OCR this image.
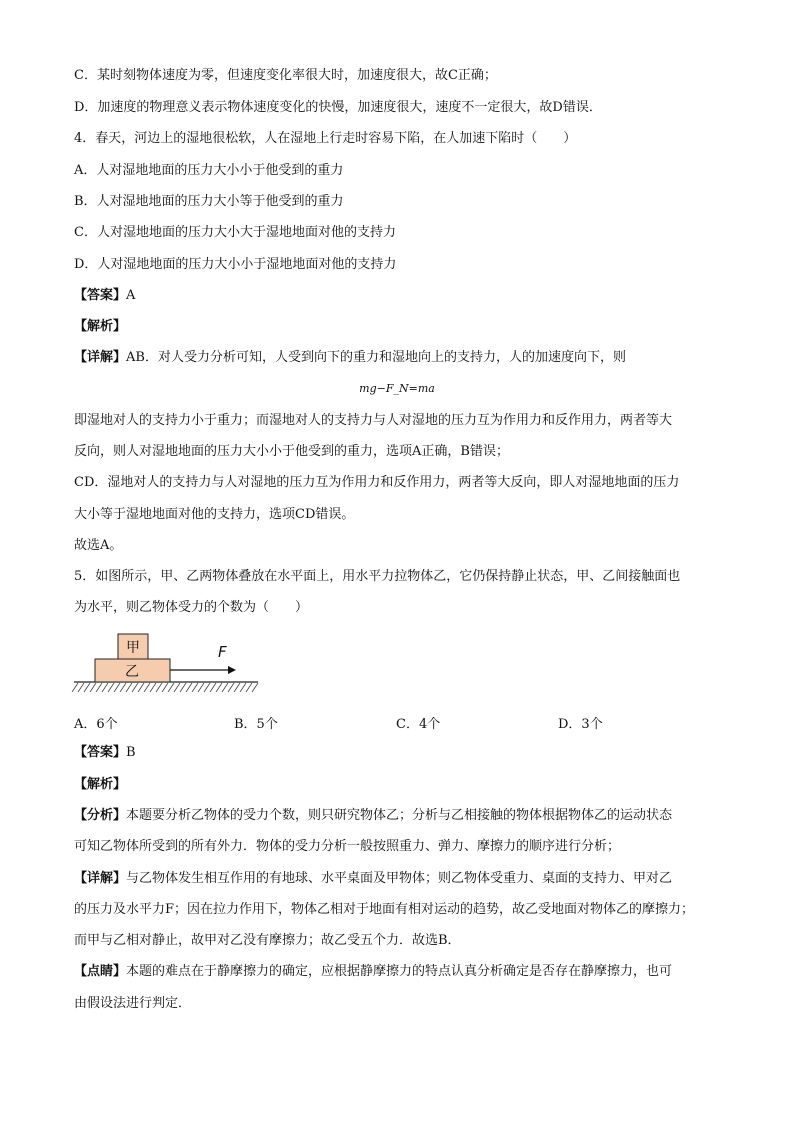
C．某时刻物体速度为零，但速度变化率很大时，加速度很大，故C正确；
D．加速度的物理意义表示物体速度变化的快慢，加速度很大，速度不一定很大，故D错误．
4．春天，河边上的湿地很松软，人在湿地上行走时容易下陷，在人加速下陷时（　　）
A．人对湿地地面的压力大小小于他受到的重力
B．人对湿地地面的压力大小等于他受到的重力
C．人对湿地地面的压力大小大于湿地地面对他的支持力
D．人对湿地地面的压力大小小于湿地地面对他的支持力
【答案】A
【解析】
【详解】AB．对人受力分析可知，人受到向下的重力和湿地向上的支持力，人的加速度向下，则
mg−F_N=ma
即湿地对人的支持力小于重力；而湿地对人的支持力与人对湿地的压力互为作用力和反作用力，两者等大
反向，则人对湿地地面的压力大小小于他受到的重力，选项A正确，B错误；
CD．湿地对人的支持力与人对湿地的压力互为作用力和反作用力，两者等大反向，即人对湿地地面的压力
大小等于湿地地面对他的支持力，选项CD错误。
故选A。
5．如图所示，甲、乙两物体叠放在水平面上，用水平力拉物体乙，它仍保持静止状态，甲、乙间接触面也
为水平，则乙物体受力的个数为（　　）
甲
乙
F
A．6个	B．5个	C．4个	D．3个
【答案】B
【解析】
【分析】本题要分析乙物体的受力个数，则只研究物体乙；分析与乙相接触的物体根据物体乙的运动状态
可知乙物体所受到的所有外力．物体的受力分析一般按照重力、弹力、摩擦力的顺序进行分析；
【详解】与乙物体发生相互作用的有地球、水平桌面及甲物体；则乙物体受重力、桌面的支持力、甲对乙
的压力及水平力F；因在拉力作用下，物体乙相对于地面有相对运动的趋势，故乙受地面对物体乙的摩擦力；
而甲与乙相对静止，故甲对乙没有摩擦力；故乙受五个力．故选B．
【点睛】本题的难点在于静摩擦力的确定，应根据静摩擦力的特点认真分析确定是否存在静摩擦力，也可
由假设法进行判定．
